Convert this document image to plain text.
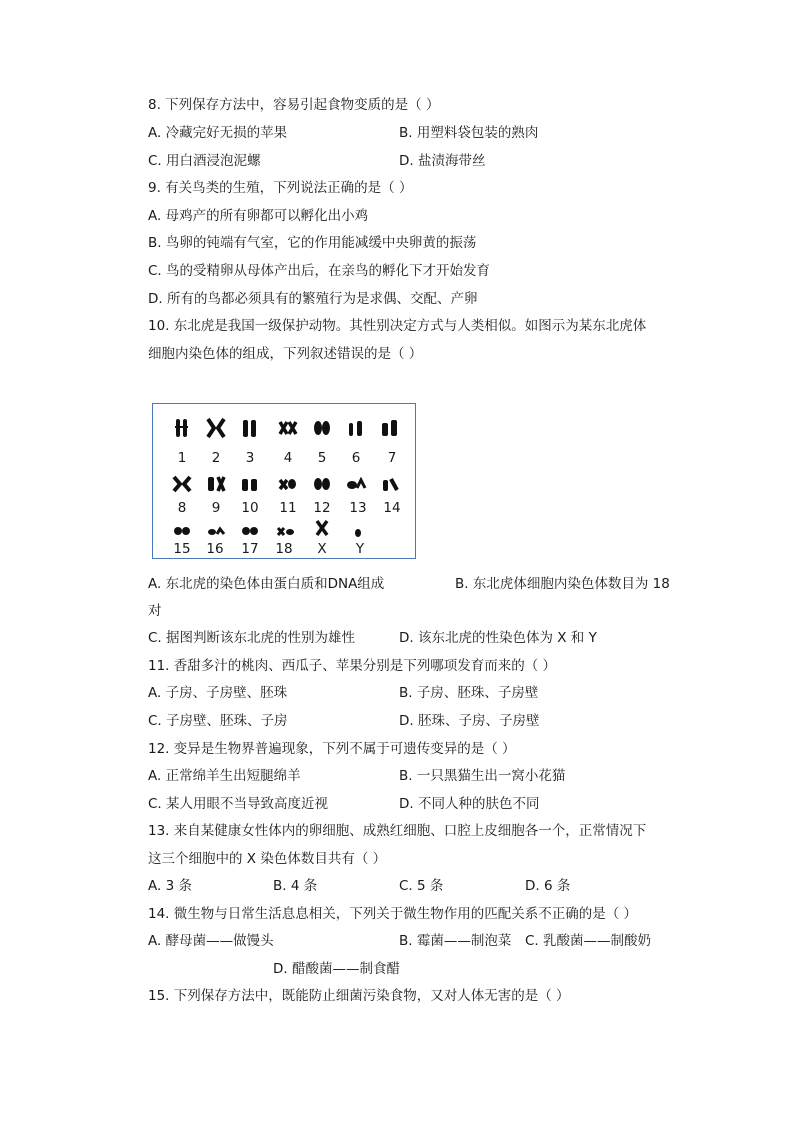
8. 下列保存方法中，容易引起食物变质的是（ ）
A. 冷藏完好无损的苹果	B. 用塑料袋包装的熟肉
C. 用白酒浸泡泥螺	D. 盐渍海带丝
9. 有关鸟类的生殖，下列说法正确的是（ ）
A. 母鸡产的所有卵都可以孵化出小鸡
B. 鸟卵的钝端有气室，它的作用能减缓中央卵黄的振荡
C. 鸟的受精卵从母体产出后，在亲鸟的孵化下才开始发育
D. 所有的鸟都必须具有的繁殖行为是求偶、交配、产卵
10. 东北虎是我国一级保护动物。其性别决定方式与人类相似。如图示为某东北虎体
细胞内染色体的组成，下列叙述错误的是（ ）
1	2	3	4	5	6	7
8	9	10	11	12	13	14
15	16	17	18	X	Y
A. 东北虎的染色体由蛋白质和DNA组成	B. 东北虎体细胞内染色体数目为 18
对
C. 据图判断该东北虎的性别为雄性	D. 该东北虎的性染色体为 X 和 Y
11. 香甜多汁的桃肉、西瓜子、苹果分别是下列哪项发育而来的（ ）
A. 子房、子房壁、胚珠	B. 子房、胚珠、子房壁
C. 子房壁、胚珠、子房	D. 胚珠、子房、子房壁
12. 变异是生物界普遍现象，下列不属于可遗传变异的是（ ）
A. 正常绵羊生出短腿绵羊	B. 一只黑猫生出一窝小花猫
C. 某人用眼不当导致高度近视	D. 不同人种的肤色不同
13. 来自某健康女性体内的卵细胞、成熟红细胞、口腔上皮细胞各一个，正常情况下
这三个细胞中的 X 染色体数目共有（ ）
A. 3 条	B. 4 条	C. 5 条	D. 6 条
14. 微生物与日常生活息息相关，下列关于微生物作用的匹配关系不正确的是（ ）
A. 酵母菌——做馒头	B. 霉菌——制泡菜 C. 乳酸菌——制酸奶
D. 醋酸菌——制食醋
15. 下列保存方法中，既能防止细菌污染食物，又对人体无害的是（ ）
